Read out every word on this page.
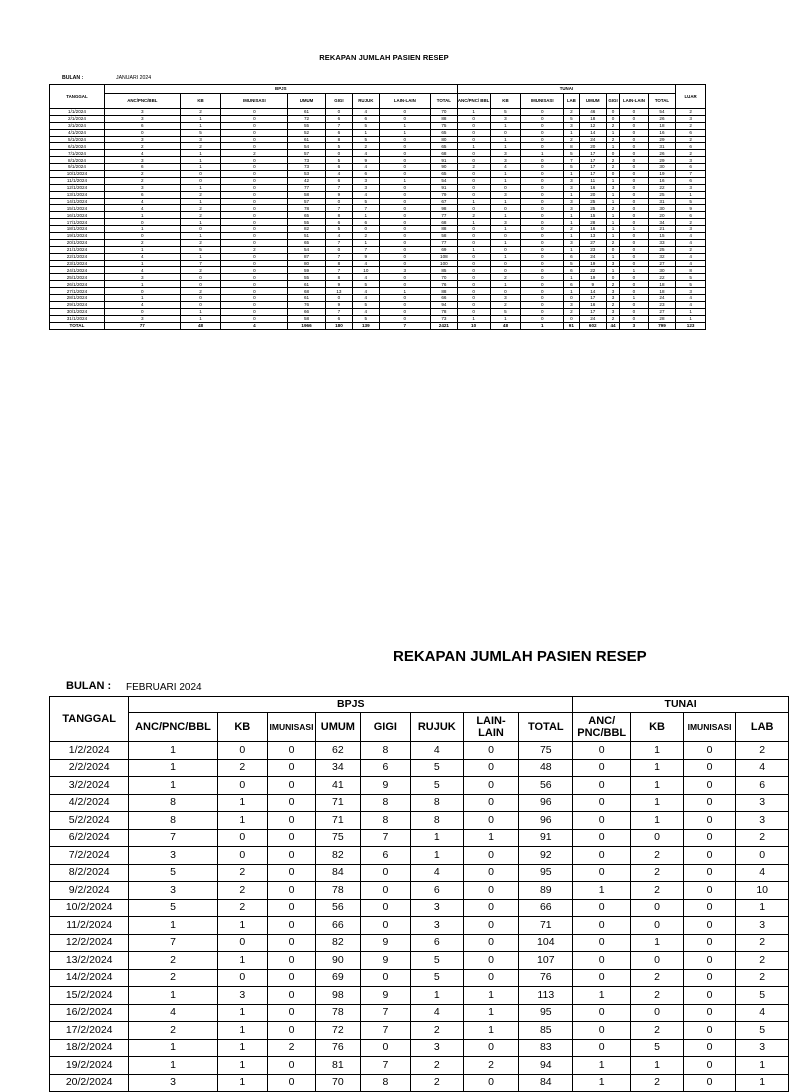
REKAPAN JUMLAH PASIEN RESEP
BULAN :	JANUARI 2024
TANGGAL	BPJS								TUNAI								LUAR
	ANC/PNC/BBL	KB	IMUNISASI	UMUM	GIGI	RUJUK	LAIN-LAIN	TOTAL	ANC/PNC/ BBL	KB	IMUNISASI	LAB	UMUM	GIGI	LAIN-LAIN	TOTAL	
1/1/2024	3	2	0	61	0	4	0	70	1	5	0	2	46	0	0	54	2
2/1/2024	3	1	0	72	6	6	0	88	0	3	0	5	18	0	0	26	3
3/1/2024	6	1	0	55	7	5	1	75	0	1	0	3	12	2	0	18	2
4/1/2024	0	5	0	52	6	1	1	65	0	0	0	1	14	1	0	16	6
5/1/2024	3	3	0	61	8	5	0	80	0	1	0	2	24	2	0	29	2
6/1/2024	2	2	0	54	5	2	0	65	1	1	0	8	20	1	0	31	6
7/1/2024	4	1	2	57	0	4	0	68	0	3	1	5	17	0	0	26	2
8/1/2024	3	1	0	73	5	9	0	91	0	3	0	7	17	2	0	29	3
9/1/2024	6	1	0	73	6	4	0	90	2	4	0	5	17	2	0	30	6
10/1/2024	2	0	0	53	4	6	0	65	0	1	0	1	17	0	0	19	7
11/1/2024	2	0	0	42	6	3	1	54	0	1	0	3	11	1	0	16	6
12/1/2024	3	1	0	77	7	3	0	91	0	0	0	3	16	3	0	22	3
13/1/2024	6	2	0	58	9	4	0	79	0	3	0	1	20	1	0	25	1
14/1/2024	4	1	0	57	0	5	0	67	1	1	0	3	25	1	0	31	5
15/1/2024	4	2	0	78	7	7	0	98	0	0	0	3	25	2	0	30	9
16/1/2024	1	2	0	65	8	1	0	77	2	1	0	1	15	1	0	20	6
17/1/2024	0	1	0	55	6	6	0	68	1	3	0	1	28	1	0	34	2
18/1/2024	1	0	0	82	5	0	0	88	0	1	0	2	16	1	1	21	3
19/1/2024	0	1	0	51	4	2	0	58	0	0	0	1	13	1	0	15	4
20/1/2024	2	2	0	65	7	1	0	77	0	1	0	3	27	2	0	33	4
21/1/2024	1	5	2	54	0	7	0	69	1	0	0	1	23	0	0	25	2
22/1/2024	4	1	0	87	7	9	0	108	0	1	0	6	24	1	0	32	4
23/1/2024	1	7	0	80	8	4	0	100	0	0	0	5	19	3	0	27	4
24/1/2024	4	2	0	59	7	10	3	85	0	0	0	6	22	1	1	30	8
25/1/2024	3	0	0	55	8	4	0	70	0	2	0	1	19	0	0	22	5
26/1/2024	1	0	0	61	9	5	0	76	0	1	0	6	9	2	0	18	5
27/1/2024	0	2	0	68	13	4	1	88	0	0	0	1	14	3	0	18	3
28/1/2024	1	0	0	61	0	4	0	66	0	3	0	0	17	3	1	24	4
29/1/2024	4	0	0	76	9	5	0	94	0	2	0	3	16	2	0	23	4
30/1/2024	0	1	0	66	7	4	0	78	0	5	0	2	17	3	0	27	1
31/1/2024	3	1	0	58	6	5	0	73	1	1	0	0	24	2	0	28	1
TOTAL	77	48	4	1966	180	139	7	2421	10	48	1	91	602	44	3	799	123
REKAPAN JUMLAH PASIEN RESEP
BULAN : FEBRUARI 2024
TANGGAL	BPJS								TUNAI			
	ANC/PNC/BBL	KB	IMUNISASI	UMUM	GIGI	RUJUK	LAIN-LAIN	TOTAL	ANC/ PNC/BBL	KB	IMUNISASI	LAB
1/2/2024	1	0	0	62	8	4	0	75	0	1	0	2
2/2/2024	1	2	0	34	6	5	0	48	0	1	0	4
3/2/2024	1	0	0	41	9	5	0	56	0	1	0	6
4/2/2024	8	1	0	71	8	8	0	96	0	1	0	3
5/2/2024	8	1	0	71	8	8	0	96	0	1	0	3
6/2/2024	7	0	0	75	7	1	1	91	0	0	0	2
7/2/2024	3	0	0	82	6	1	0	92	0	2	0	0
8/2/2024	5	2	0	84	0	4	0	95	0	2	0	4
9/2/2024	3	2	0	78	0	6	0	89	1	2	0	10
10/2/2024	5	2	0	56	0	3	0	66	0	0	0	1
11/2/2024	1	1	0	66	0	3	0	71	0	0	0	3
12/2/2024	7	0	0	82	9	6	0	104	0	1	0	2
13/2/2024	2	1	0	90	9	5	0	107	0	0	0	2
14/2/2024	2	0	0	69	0	5	0	76	0	2	0	2
15/2/2024	1	3	0	98	9	1	1	113	1	2	0	5
16/2/2024	4	1	0	78	7	4	1	95	0	0	0	4
17/2/2024	2	1	0	72	7	2	1	85	0	2	0	5
18/2/2024	1	1	2	76	0	3	0	83	0	5	0	3
19/2/2024	1	1	0	81	7	2	2	94	1	1	0	1
20/2/2024	3	1	0	70	8	2	0	84	1	2	0	1
